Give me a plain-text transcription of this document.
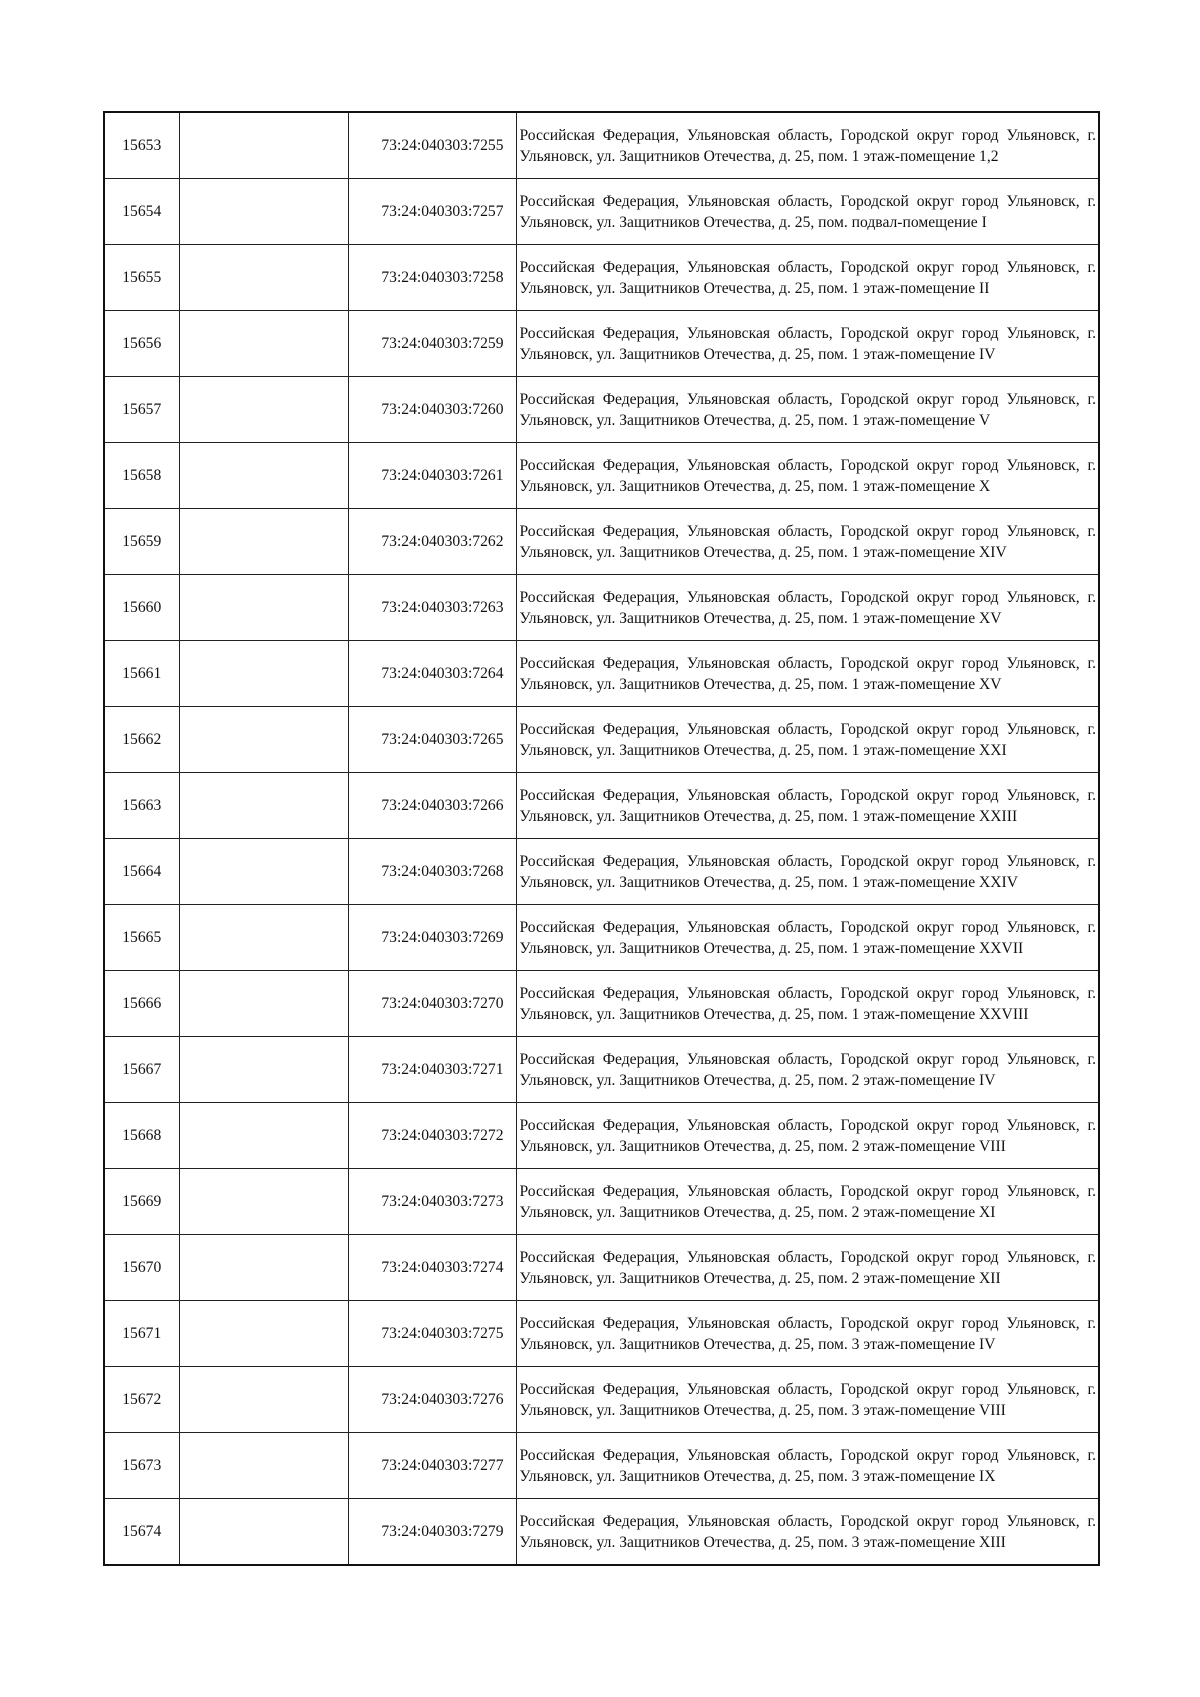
15653		73:24:040303:7255	Российская Федерация, Ульяновская область, Городской округ город Ульяновск, г. Ульяновск, ул. Защитников Отечества, д. 25, пом. 1 этаж-помещение 1,2
15654		73:24:040303:7257	Российская Федерация, Ульяновская область, Городской округ город Ульяновск, г. Ульяновск, ул. Защитников Отечества, д. 25, пом. подвал-помещение I
15655		73:24:040303:7258	Российская Федерация, Ульяновская область, Городской округ город Ульяновск, г. Ульяновск, ул. Защитников Отечества, д. 25, пом. 1 этаж-помещение II
15656		73:24:040303:7259	Российская Федерация, Ульяновская область, Городской округ город Ульяновск, г. Ульяновск, ул. Защитников Отечества, д. 25, пом. 1 этаж-помещение IV
15657		73:24:040303:7260	Российская Федерация, Ульяновская область, Городской округ город Ульяновск, г. Ульяновск, ул. Защитников Отечества, д. 25, пом. 1 этаж-помещение V
15658		73:24:040303:7261	Российская Федерация, Ульяновская область, Городской округ город Ульяновск, г. Ульяновск, ул. Защитников Отечества, д. 25, пом. 1 этаж-помещение X
15659		73:24:040303:7262	Российская Федерация, Ульяновская область, Городской округ город Ульяновск, г. Ульяновск, ул. Защитников Отечества, д. 25, пом. 1 этаж-помещение XIV
15660		73:24:040303:7263	Российская Федерация, Ульяновская область, Городской округ город Ульяновск, г. Ульяновск, ул. Защитников Отечества, д. 25, пом. 1 этаж-помещение XV
15661		73:24:040303:7264	Российская Федерация, Ульяновская область, Городской округ город Ульяновск, г. Ульяновск, ул. Защитников Отечества, д. 25, пом. 1 этаж-помещение XV
15662		73:24:040303:7265	Российская Федерация, Ульяновская область, Городской округ город Ульяновск, г. Ульяновск, ул. Защитников Отечества, д. 25, пом. 1 этаж-помещение XXI
15663		73:24:040303:7266	Российская Федерация, Ульяновская область, Городской округ город Ульяновск, г. Ульяновск, ул. Защитников Отечества, д. 25, пом. 1 этаж-помещение XXIII
15664		73:24:040303:7268	Российская Федерация, Ульяновская область, Городской округ город Ульяновск, г. Ульяновск, ул. Защитников Отечества, д. 25, пом. 1 этаж-помещение XXIV
15665		73:24:040303:7269	Российская Федерация, Ульяновская область, Городской округ город Ульяновск, г. Ульяновск, ул. Защитников Отечества, д. 25, пом. 1 этаж-помещение XXVII
15666		73:24:040303:7270	Российская Федерация, Ульяновская область, Городской округ город Ульяновск, г. Ульяновск, ул. Защитников Отечества, д. 25, пом. 1 этаж-помещение XXVIII
15667		73:24:040303:7271	Российская Федерация, Ульяновская область, Городской округ город Ульяновск, г. Ульяновск, ул. Защитников Отечества, д. 25, пом. 2 этаж-помещение IV
15668		73:24:040303:7272	Российская Федерация, Ульяновская область, Городской округ город Ульяновск, г. Ульяновск, ул. Защитников Отечества, д. 25, пом. 2 этаж-помещение VIII
15669		73:24:040303:7273	Российская Федерация, Ульяновская область, Городской округ город Ульяновск, г. Ульяновск, ул. Защитников Отечества, д. 25, пом. 2 этаж-помещение XI
15670		73:24:040303:7274	Российская Федерация, Ульяновская область, Городской округ город Ульяновск, г. Ульяновск, ул. Защитников Отечества, д. 25, пом. 2 этаж-помещение XII
15671		73:24:040303:7275	Российская Федерация, Ульяновская область, Городской округ город Ульяновск, г. Ульяновск, ул. Защитников Отечества, д. 25, пом. 3 этаж-помещение IV
15672		73:24:040303:7276	Российская Федерация, Ульяновская область, Городской округ город Ульяновск, г. Ульяновск, ул. Защитников Отечества, д. 25, пом. 3 этаж-помещение VIII
15673		73:24:040303:7277	Российская Федерация, Ульяновская область, Городской округ город Ульяновск, г. Ульяновск, ул. Защитников Отечества, д. 25, пом. 3 этаж-помещение IX
15674		73:24:040303:7279	Российская Федерация, Ульяновская область, Городской округ город Ульяновск, г. Ульяновск, ул. Защитников Отечества, д. 25, пом. 3 этаж-помещение XIII
